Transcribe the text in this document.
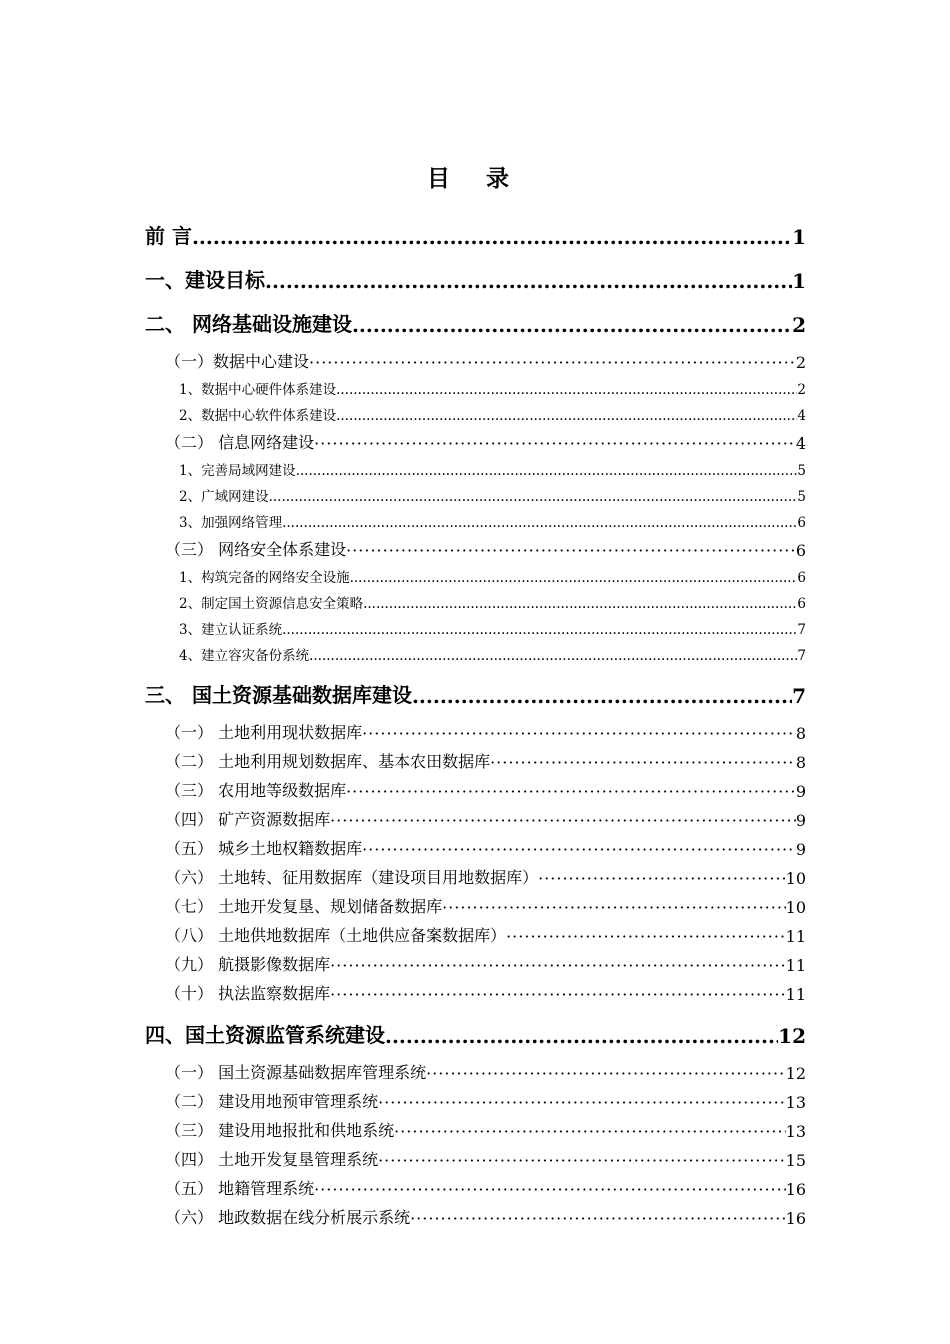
目 录
前 言 .....	1
一、建设目标 .....	1
二、 网络基础设施建设 .....	2
（一）数据中心建设 ·····	2
1、数据中心硬件体系建设 .....	2
2、数据中心软件体系建设 .....	4
（二） 信息网络建设 ·····	4
1、完善局域网建设 .....	5
2、广域网建设 .....	5
3、加强网络管理 .....	6
（三） 网络安全体系建设 ·····	6
1、构筑完备的网络安全设施 .....	6
2、制定国土资源信息安全策略 .....	6
3、建立认证系统 .....	7
4、建立容灾备份系统 .....	7
三、 国土资源基础数据库建设 .....	7
（一） 土地利用现状数据库 ·····	8
（二） 土地利用规划数据库、基本农田数据库 ·····	8
（三） 农用地等级数据库 ·····	9
（四） 矿产资源数据库 ·····	9
（五） 城乡土地权籍数据库 ·····	9
（六） 土地转、征用数据库（建设项目用地数据库） ·····	10
（七） 土地开发复垦、规划储备数据库 ·····	10
（八） 土地供地数据库（土地供应备案数据库） ·····	11
（九） 航摄影像数据库 ·····	11
（十） 执法监察数据库 ·····	11
四、国土资源监管系统建设 .....	12
（一） 国土资源基础数据库管理系统 ·····	12
（二） 建设用地预审管理系统 ·····	13
（三） 建设用地报批和供地系统 ·····	13
（四） 土地开发复垦管理系统 ·····	15
（五） 地籍管理系统 ·····	16
（六） 地政数据在线分析展示系统 ·····	16
